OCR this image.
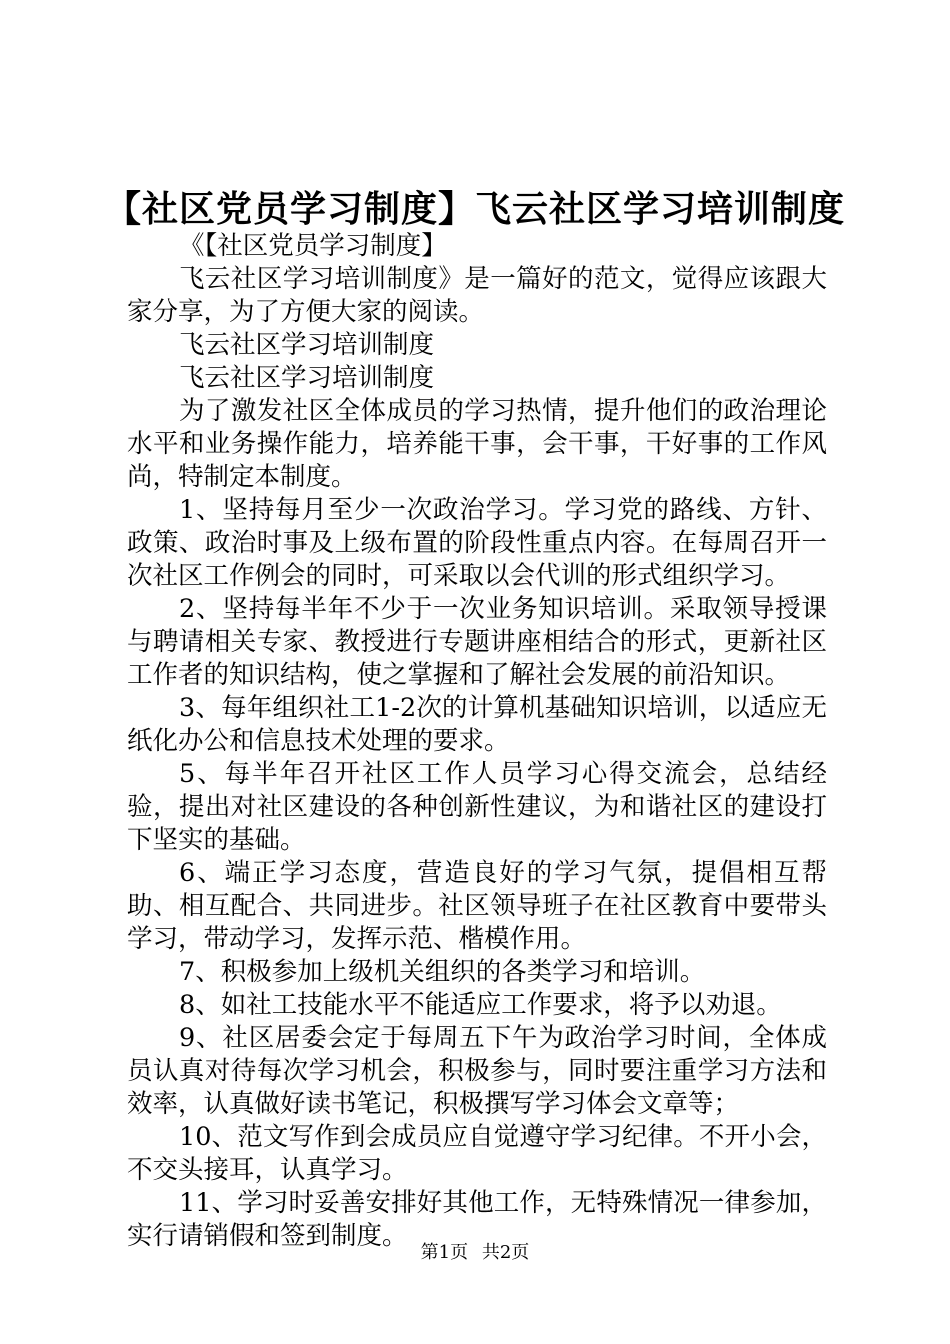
【社区党员学习制度】飞云社区学习培训制度

《【社区党员学习制度】

飞云社区学习培训制度》是一篇好的范文，觉得应该跟大家分享，为了方便大家的阅读。

飞云社区学习培训制度

飞云社区学习培训制度

为了激发社区全体成员的学习热情，提升他们的政治理论水平和业务操作能力，培养能干事，会干事，干好事的工作风尚，特制定本制度。

1、坚持每月至少一次政治学习。学习党的路线、方针、政策、政治时事及上级布置的阶段性重点内容。在每周召开一次社区工作例会的同时，可采取以会代训的形式组织学习。

2、坚持每半年不少于一次业务知识培训。采取领导授课与聘请相关专家、教授进行专题讲座相结合的形式，更新社区工作者的知识结构，使之掌握和了解社会发展的前沿知识。

3、每年组织社工1-2次的计算机基础知识培训，以适应无纸化办公和信息技术处理的要求。

5、每半年召开社区工作人员学习心得交流会，总结经验，提出对社区建设的各种创新性建议，为和谐社区的建设打下坚实的基础。

6、端正学习态度，营造良好的学习气氛，提倡相互帮助、相互配合、共同进步。社区领导班子在社区教育中要带头学习，带动学习，发挥示范、楷模作用。

7、积极参加上级机关组织的各类学习和培训。

8、如社工技能水平不能适应工作要求，将予以劝退。

9、社区居委会定于每周五下午为政治学习时间，全体成员认真对待每次学习机会，积极参与，同时要注重学习方法和效率，认真做好读书笔记，积极撰写学习体会文章等；

10、范文写作到会成员应自觉遵守学习纪律。不开小会，不交头接耳，认真学习。

11、学习时妥善安排好其他工作，无特殊情况一律参加，实行请销假和签到制度。

第1页 共2页
